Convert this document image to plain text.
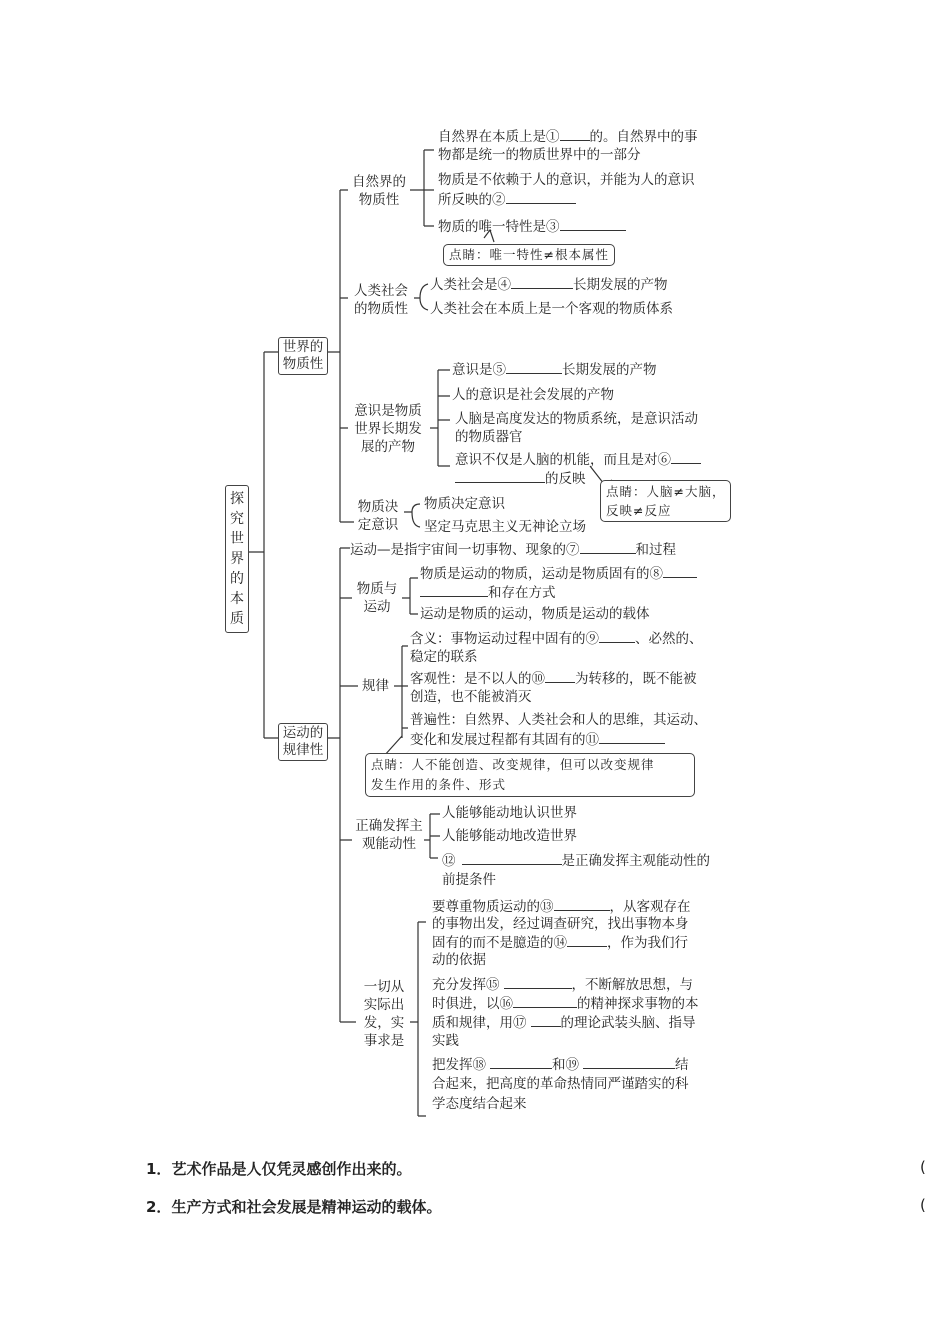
探究世界的本质
世界的物质性
运动的规律性
自然界的物质性
自然界在本质上是① 的。自然界中的事
物都是统一的物质世界中的一部分
物质是不依赖于人的意识，并能为人的意识
所反映的②
物质的唯一特性是③
点睛：唯一特性≠根本属性
人类社会的物质性
人类社会是④	长期发展的产物
人类社会在本质上是一个客观的物质体系
意识是物质世界长期发展的产物
意识是⑤	长期发展的产物
人的意识是社会发展的产物
人脑是高度发达的物质系统，是意识活动
的物质器官
意识不仅是人脑的机能，而且是对⑥
的反映
点睛：人脑≠大脑，
反映≠反应
物质决定意识
物质决定意识
坚定马克思主义无神论立场
运动—是指宇宙间一切事物、现象的⑦	和过程
物质与运动
物质是运动的物质，运动是物质固有的⑧
和存在方式
运动是物质的运动，物质是运动的载体
规律
含义：事物运动过程中固有的⑨	、必然的、
稳定的联系
客观性：是不以人的⑩ 为转移的，既不能被
创造，也不能被消灭
普遍性：自然界、人类社会和人的思维，其运动、
变化和发展过程都有其固有的⑪
点睛：人不能创造、改变规律，但可以改变规律
发生作用的条件、形式
正确发挥主观能动性
人能够能动地认识世界
人能够能动地改造世界
⑫	是正确发挥主观能动性的
前提条件
一切从实际出发，实事求是
要尊重物质运动的⑬	，从客观存在
的事物出发，经过调查研究，找出事物本身
固有的而不是臆造的⑭	，作为我们行
动的依据
充分发挥⑮	，不断解放思想，与
时俱进，以⑯	的精神探求事物的本
质和规律，用⑰	的理论武装头脑、指导
实践
把发挥⑱	和⑲	结
合起来，把高度的革命热情同严谨踏实的科
学态度结合起来
1．艺术作品是人仅凭灵感创作出来的。	(
2．生产方式和社会发展是精神运动的载体。	(
